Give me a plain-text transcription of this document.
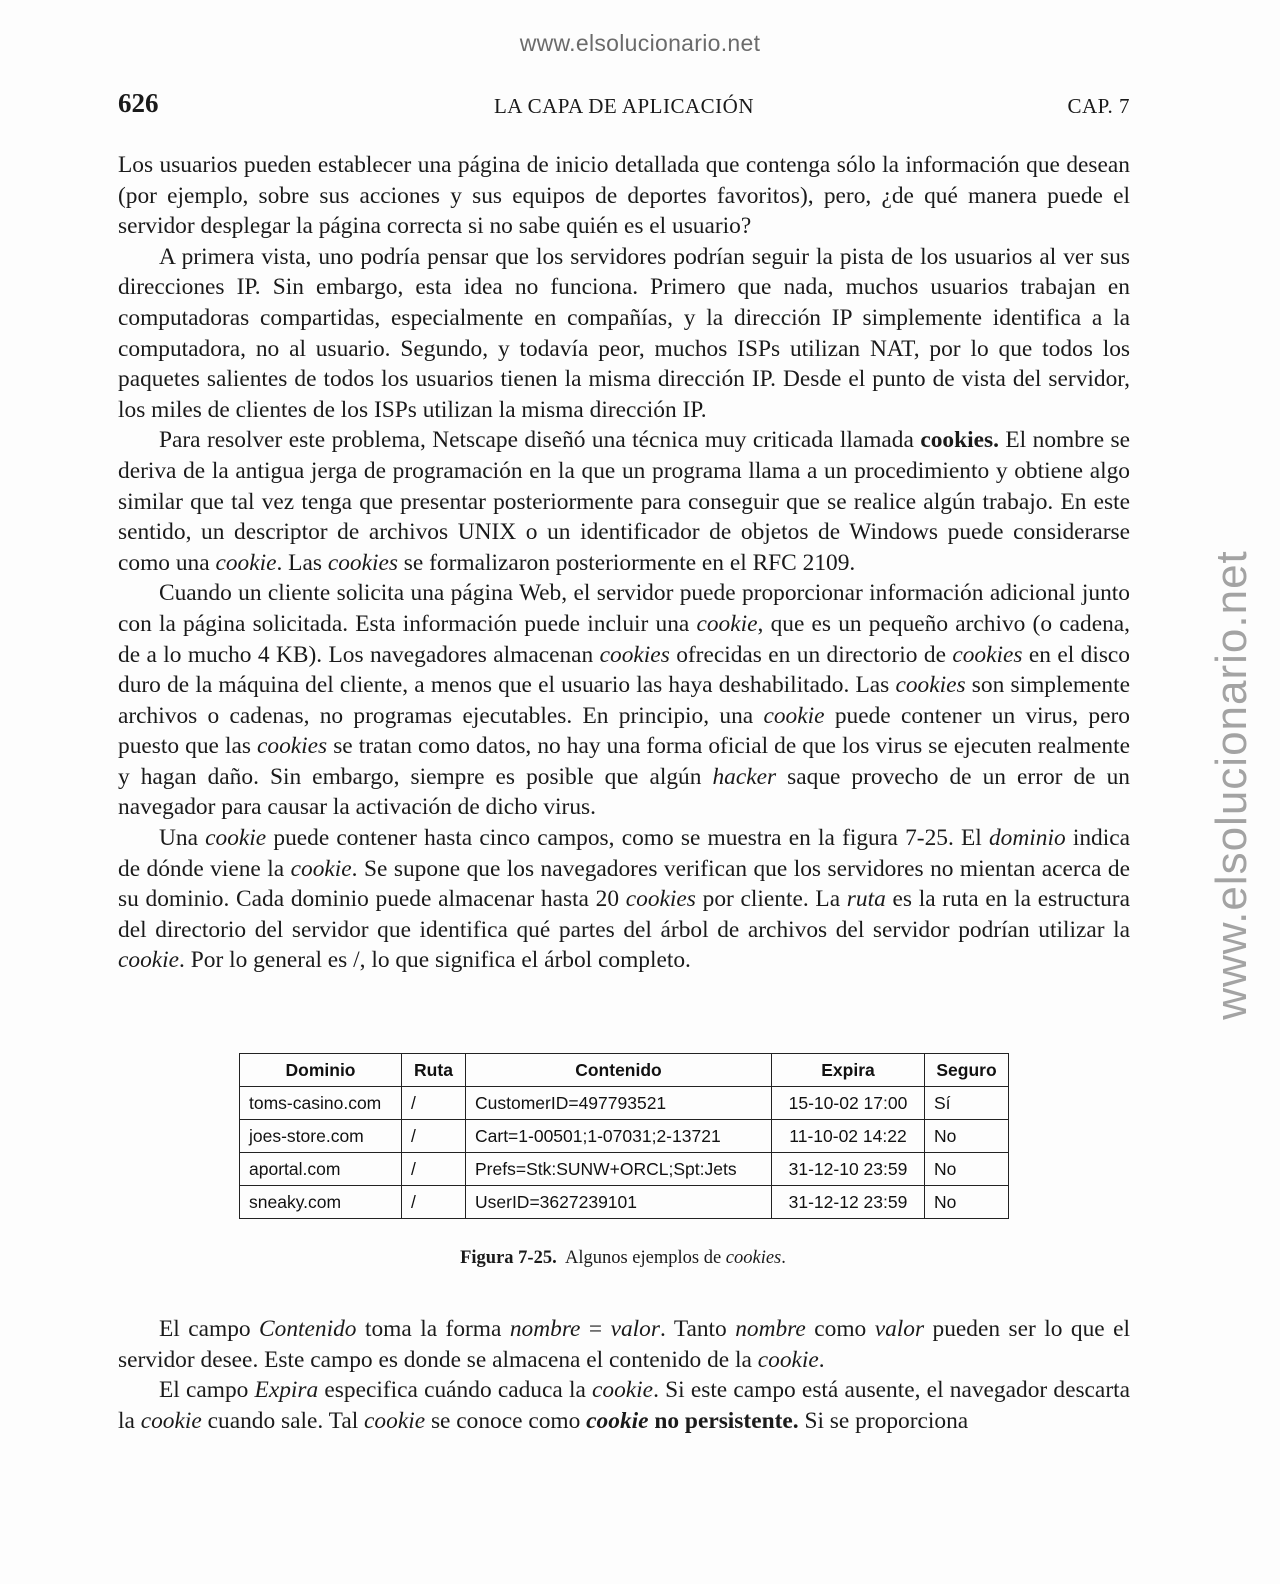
www.elsolucionario.net
www.elsolucionario.net
626	LA CAPA DE APLICACIÓN	CAP. 7

Los usuarios pueden establecer una página de inicio detallada que contenga sólo la información que desean (por ejemplo, sobre sus acciones y sus equipos de deportes favoritos), pero, ¿de qué manera puede el servidor desplegar la página correcta si no sabe quién es el usuario?

A primera vista, uno podría pensar que los servidores podrían seguir la pista de los usuarios al ver sus direcciones IP. Sin embargo, esta idea no funciona. Primero que nada, muchos usuarios trabajan en computadoras compartidas, especialmente en compañías, y la dirección IP simplemente identifica a la computadora, no al usuario. Segundo, y todavía peor, muchos ISPs utilizan NAT, por lo que todos los paquetes salientes de todos los usuarios tienen la misma dirección IP. Desde el punto de vista del servidor, los miles de clientes de los ISPs utilizan la misma dirección IP.

Para resolver este problema, Netscape diseñó una técnica muy criticada llamada cookies. El nombre se deriva de la antigua jerga de programación en la que un programa llama a un procedimiento y obtiene algo similar que tal vez tenga que presentar posteriormente para conseguir que se realice algún trabajo. En este sentido, un descriptor de archivos UNIX o un identificador de objetos de Windows puede considerarse como una cookie. Las cookies se formalizaron posteriormente en el RFC 2109.

Cuando un cliente solicita una página Web, el servidor puede proporcionar información adicional junto con la página solicitada. Esta información puede incluir una cookie, que es un pequeño archivo (o cadena, de a lo mucho 4 KB). Los navegadores almacenan cookies ofrecidas en un directorio de cookies en el disco duro de la máquina del cliente, a menos que el usuario las haya deshabilitado. Las cookies son simplemente archivos o cadenas, no programas ejecutables. En principio, una cookie puede contener un virus, pero puesto que las cookies se tratan como datos, no hay una forma oficial de que los virus se ejecuten realmente y hagan daño. Sin embargo, siempre es posible que algún hacker saque provecho de un error de un navegador para causar la activación de dicho virus.

Una cookie puede contener hasta cinco campos, como se muestra en la figura 7-25. El dominio indica de dónde viene la cookie. Se supone que los navegadores verifican que los servidores no mientan acerca de su dominio. Cada dominio puede almacenar hasta 20 cookies por cliente. La ruta es la ruta en la estructura del directorio del servidor que identifica qué partes del árbol de archivos del servidor podrían utilizar la cookie. Por lo general es /, lo que significa el árbol completo.

Dominio	Ruta	Contenido	Expira	Seguro
toms-casino.com	/	CustomerID=497793521	15-10-02 17:00	Sí
joes-store.com	/	Cart=1-00501;1-07031;2-13721	11-10-02 14:22	No
aportal.com	/	Prefs=Stk:SUNW+ORCL;Spt:Jets	31-12-10 23:59	No
sneaky.com	/	UserID=3627239101	31-12-12 23:59	No
Figura 7-25. Algunos ejemplos de cookies.

El campo Contenido toma la forma nombre = valor. Tanto nombre como valor pueden ser lo que el servidor desee. Este campo es donde se almacena el contenido de la cookie.

El campo Expira especifica cuándo caduca la cookie. Si este campo está ausente, el navegador descarta la cookie cuando sale. Tal cookie se conoce como cookie no persistente. Si se proporciona
